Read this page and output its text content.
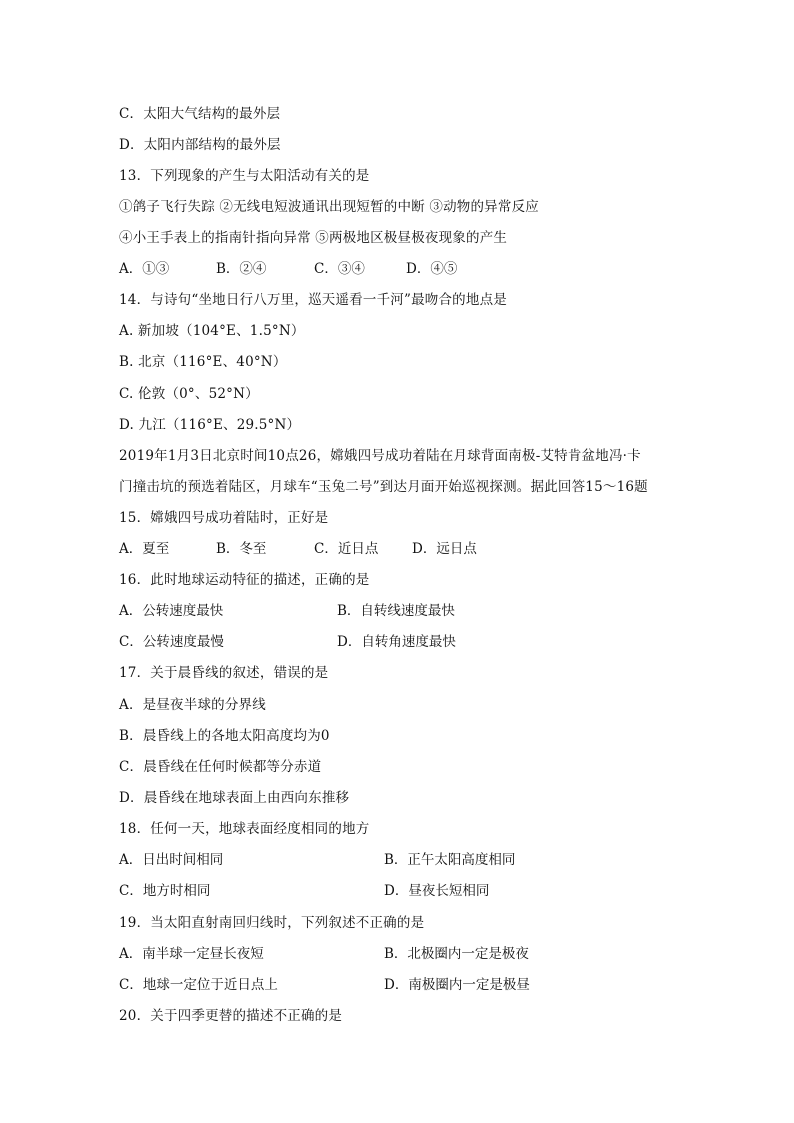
C．太阳大气结构的最外层
D．太阳内部结构的最外层
13．下列现象的产生与太阳活动有关的是
①鸽子飞行失踪 ②无线电短波通讯出现短暂的中断 ③动物的异常反应
④小王手表上的指南针指向异常 ⑤两极地区极昼极夜现象的产生
A．①③	B．②④	C．③④	D．④⑤
14．与诗句“坐地日行八万里，巡天遥看一千河”最吻合的地点是
A. 新加坡（104°E、1.5°N）
B. 北京（116°E、40°N）
C. 伦敦（0°、52°N）
D. 九江（116°E、29.5°N）
2019年1月3日北京时间10点26，嫦娥四号成功着陆在月球背面南极-艾特肯盆地冯·卡
门撞击坑的预选着陆区，月球车“玉兔二号”到达月面开始巡视探测。据此回答15～16题
15．嫦娥四号成功着陆时，正好是
A．夏至	B．冬至	C．近日点 D．远日点
16．此时地球运动特征的描述，正确的是
A．公转速度最快	B．自转线速度最快
C．公转速度最慢	D．自转角速度最快
17．关于晨昏线的叙述，错误的是
A．是昼夜半球的分界线
B．晨昏线上的各地太阳高度均为0
C．晨昏线在任何时候都等分赤道
D．晨昏线在地球表面上由西向东推移
18．任何一天，地球表面经度相同的地方
A．日出时间相同	B．正午太阳高度相同
C．地方时相同	D．昼夜长短相同
19．当太阳直射南回归线时，下列叙述不正确的是
A．南半球一定昼长夜短	B．北极圈内一定是极夜
C．地球一定位于近日点上	D．南极圈内一定是极昼
20．关于四季更替的描述不正确的是
